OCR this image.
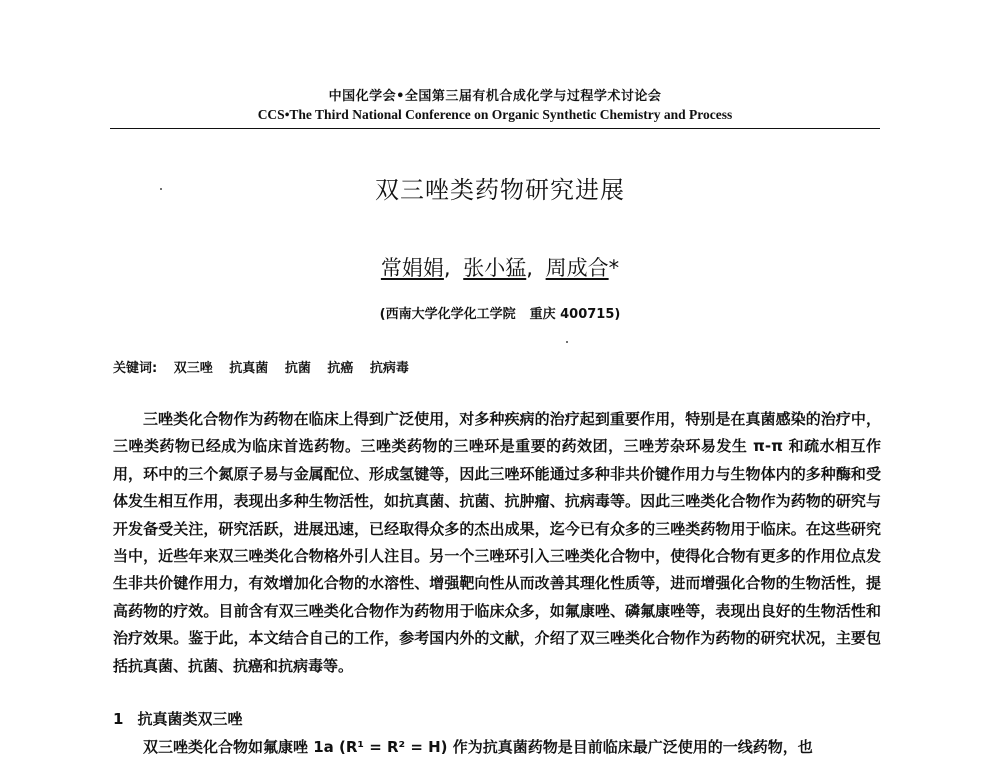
中国化学会•全国第三届有机合成化学与过程学术讨论会
CCS•The Third National Conference on Organic Synthetic Chemistry and Process
双三唑类药物研究进展
常娟娟, 张小猛, 周成合*
(西南大学化学化工学院 重庆 400715)
关键词: 双三唑 抗真菌 抗菌 抗癌 抗病毒

三唑类化合物作为药物在临床上得到广泛使用，对多种疾病的治疗起到重要作用，特别是在真菌感染的治疗中，三唑类药物已经成为临床首选药物。三唑类药物的三唑环是重要的药效团，三唑芳杂环易发生 π-π 和疏水相互作用，环中的三个氮原子易与金属配位、形成氢键等，因此三唑环能通过多种非共价键作用力与生物体内的多种酶和受体发生相互作用，表现出多种生物活性，如抗真菌、抗菌、抗肿瘤、抗病毒等。因此三唑类化合物作为药物的研究与开发备受关注，研究活跃，进展迅速，已经取得众多的杰出成果，迄今已有众多的三唑类药物用于临床。在这些研究当中，近些年来双三唑类化合物格外引人注目。另一个三唑环引入三唑类化合物中，使得化合物有更多的作用位点发生非共价键作用力，有效增加化合物的水溶性、增强靶向性从而改善其理化性质等，进而增强化合物的生物活性，提高药物的疗效。目前含有双三唑类化合物作为药物用于临床众多，如氟康唑、磷氟康唑等，表现出良好的生物活性和治疗效果。鉴于此，本文结合自己的工作，参考国内外的文献，介绍了双三唑类化合物作为药物的研究状况，主要包括抗真菌、抗菌、抗癌和抗病毒等。

1 抗真菌类双三唑
双三唑类化合物如氟康唑 1a (R¹ = R² = H) 作为抗真菌药物是目前临床最广泛使用的一线药物，也
